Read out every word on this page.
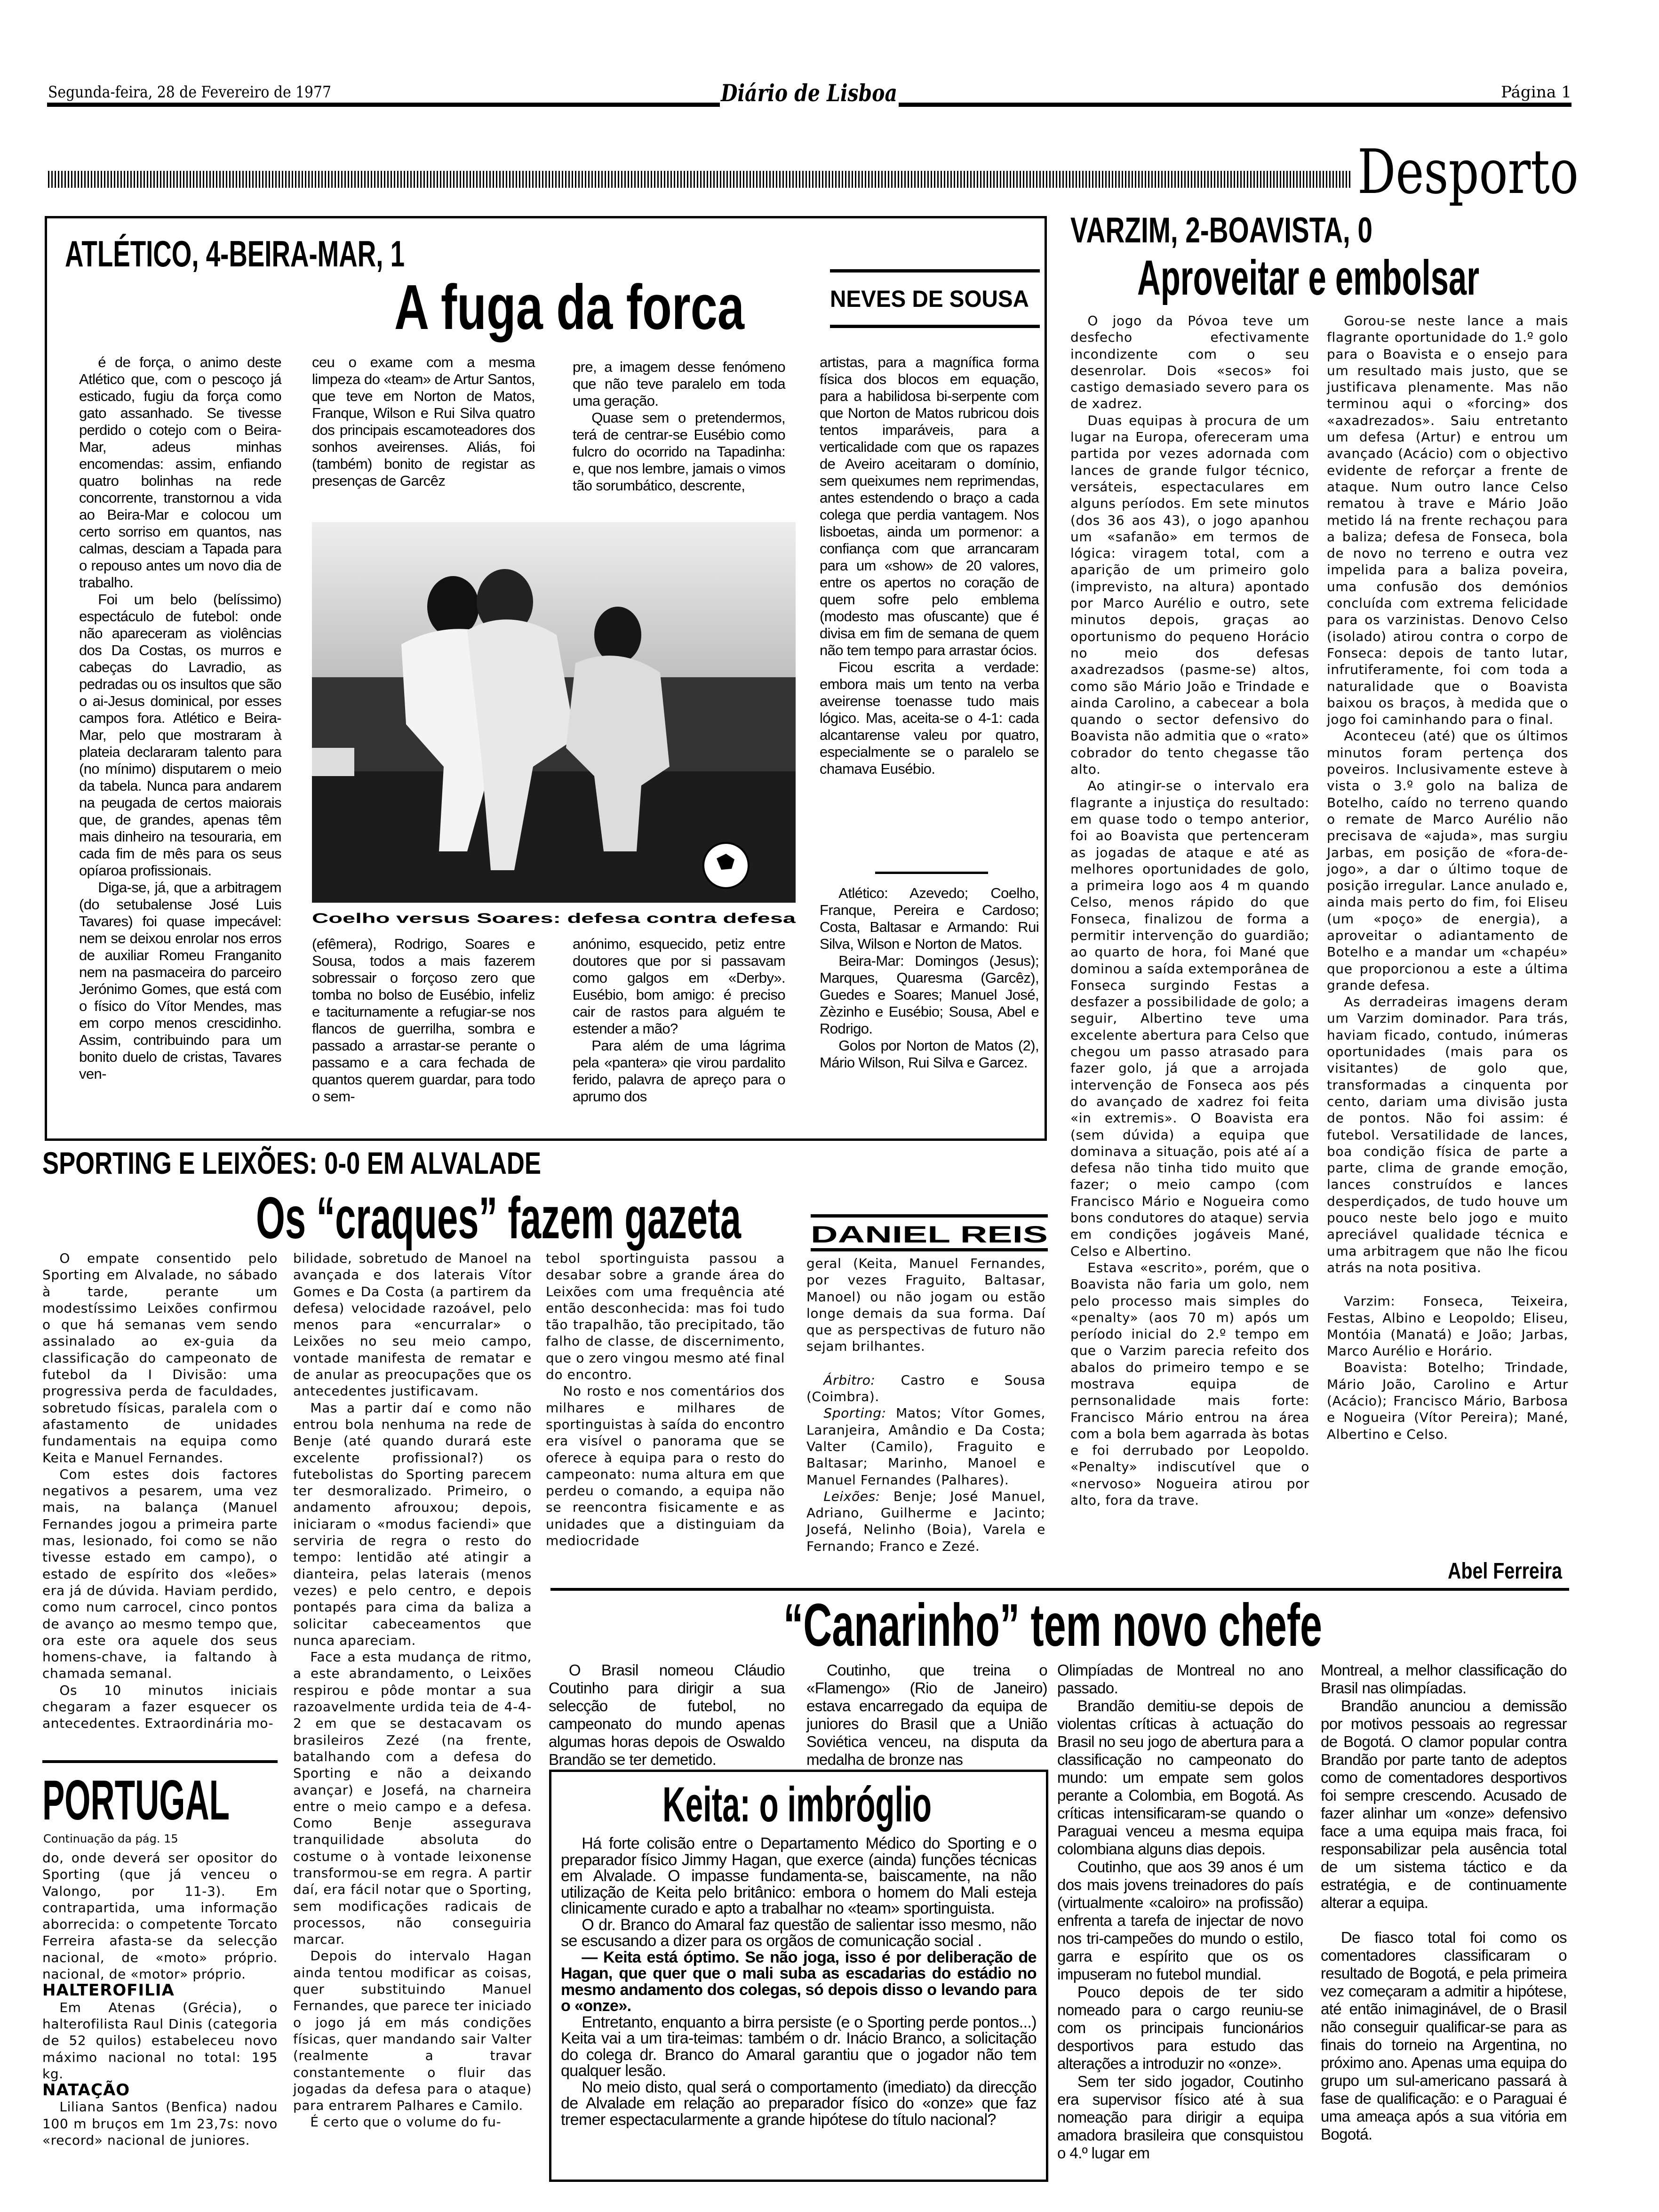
Segunda-feira, 28 de Fevereiro de 1977	Diário de Lisboa	Página 1
Desporto
ATLÉTICO, 4-BEIRA-MAR, 1
A fuga da forca	NEVES DE SOUSA

é de força, o animo deste Atlético que, com o pescoço já esticado, fugiu da força como gato assanhado. Se tivesse perdido o cotejo com o Beira-Mar, adeus minhas encomendas: assim, enfiando quatro bolinhas na rede concorrente, transtornou a vida ao Beira-Mar e colocou um certo sorriso em quantos, nas calmas, desciam a Tapada para o repouso antes um novo dia de trabalho.

Foi um belo (belíssimo) espectáculo de futebol: onde não apareceram as violências dos Da Costas, os murros e cabeças do Lavradio, as pedradas ou os insultos que são o ai-Jesus dominical, por esses campos fora. Atlético e Beira-Mar, pelo que mostraram à plateia declararam talento para (no mínimo) disputarem o meio da tabela. Nunca para andarem na peugada de certos maiorais que, de grandes, apenas têm mais dinheiro na tesouraria, em cada fim de mês para os seus opíaroa profissionais.

Diga-se, já, que a arbitragem (do setubalense José Luis Tavares) foi quase impecável: nem se deixou enrolar nos erros de auxiliar Romeu Franganito nem na pasmaceira do parceiro Jerónimo Gomes, que está com o físico do Vítor Mendes, mas em corpo menos crescidinho. Assim, contribuindo para um bonito duelo de cristas, Tavares ven-

ceu o exame com a mesma limpeza do «team» de Artur Santos, que teve em Norton de Matos, Franque, Wilson e Rui Silva quatro dos principais escamoteadores dos sonhos aveirenses. Aliás, foi (também) bonito de registar as presenças de Garcêz

pre, a imagem desse fenómeno que não teve paralelo em toda uma geração.

Quase sem o pretendermos, terá de centrar-se Eusébio como fulcro do ocorrido na Tapadinha: e, que nos lembre, jamais o vimos tão sorumbático, descrente,

Coelho versus Soares: defesa contra defesa

(efêmera), Rodrigo, Soares e Sousa, todos a mais fazerem sobressair o forçoso zero que tomba no bolso de Eusébio, infeliz e taciturnamente a refugiar-se nos flancos de guerrilha, sombra e passado a arrastar-se perante o passamo e a cara fechada de quantos querem guardar, para todo o sem-

anónimo, esquecido, petiz entre doutores que por si passavam como galgos em «Derby». Eusébio, bom amigo: é preciso cair de rastos para alguém te estender a mão?

Para além de uma lágrima pela «pantera» qie virou pardalito ferido, palavra de apreço para o aprumo dos

artistas, para a magnífica forma física dos blocos em equação, para a habilidosa bi-serpente com que Norton de Matos rubricou dois tentos imparáveis, para a verticalidade com que os rapazes de Aveiro aceitaram o domínio, sem queixumes nem reprimendas, antes estendendo o braço a cada colega que perdia vantagem. Nos lisboetas, ainda um pormenor: a confiança com que arrancaram para um «show» de 20 valores, entre os apertos no coração de quem sofre pelo emblema (modesto mas ofuscante) que é divisa em fim de semana de quem não tem tempo para arrastar ócios.

Ficou escrita a verdade: embora mais um tento na verba aveirense toenasse tudo mais lógico. Mas, aceita-se o 4-1: cada alcantarense valeu por quatro, especialmente se o paralelo se chamava Eusébio.

Atlético: Azevedo; Coelho, Franque, Pereira e Cardoso; Costa, Baltasar e Armando: Rui Silva, Wilson e Norton de Matos.

Beira-Mar: Domingos (Jesus); Marques, Quaresma (Garcêz), Guedes e Soares; Manuel José, Zèzinho e Eusébio; Sousa, Abel e Rodrigo.

Golos por Norton de Matos (2), Mário Wilson, Rui Silva e Garcez.

VARZIM, 2-BOAVISTA, 0
Aproveitar e embolsar

O jogo da Póvoa teve um desfecho efectivamente incondizente com o seu desenrolar. Dois «secos» foi castigo demasiado severo para os de xadrez.

Duas equipas à procura de um lugar na Europa, ofereceram uma partida por vezes adornada com lances de grande fulgor técnico, versáteis, espectaculares em alguns períodos. Em sete minutos (dos 36 aos 43), o jogo apanhou um «safanão» em termos de lógica: viragem total, com a aparição de um primeiro golo (imprevisto, na altura) apontado por Marco Aurélio e outro, sete minutos depois, graças ao oportunismo do pequeno Horácio no meio dos defesas axadrezadsos (pasme-se) altos, como são Mário João e Trindade e ainda Carolino, a cabecear a bola quando o sector defensivo do Boavista não admitia que o «rato» cobrador do tento chegasse tão alto.

Ao atingir-se o intervalo era flagrante a injustiça do resultado: em quase todo o tempo anterior, foi ao Boavista que pertenceram as jogadas de ataque e até as melhores oportunidades de golo, a primeira logo aos 4 m quando Celso, menos rápido do que Fonseca, finalizou de forma a permitir intervenção do guardião; ao quarto de hora, foi Mané que dominou a saída extemporânea de Fonseca surgindo Festas a desfazer a possibilidade de golo; a seguir, Albertino teve uma excelente abertura para Celso que chegou um passo atrasado para fazer golo, já que a arrojada intervenção de Fonseca aos pés do avançado de xadrez foi feita «in extremis». O Boavista era (sem dúvida) a equipa que dominava a situação, pois até aí a defesa não tinha tido muito que fazer; o meio campo (com Francisco Mário e Nogueira como bons condutores do ataque) servia em condições jogáveis Mané, Celso e Albertino.

Estava «escrito», porém, que o Boavista não faria um golo, nem pelo processo mais simples do «penalty» (aos 70 m) após um período inicial do 2.º tempo em que o Varzim parecia refeito dos abalos do primeiro tempo e se mostrava equipa de pernsonalidade mais forte: Francisco Mário entrou na área com a bola bem agarrada às botas e foi derrubado por Leopoldo. «Penalty» indiscutível que o «nervoso» Nogueira atirou por alto, fora da trave.

Gorou-se neste lance a mais flagrante oportunidade do 1.º golo para o Boavista e o ensejo para um resultado mais justo, que se justificava plenamente. Mas não terminou aqui o «forcing» dos «axadrezados». Saiu entretanto um defesa (Artur) e entrou um avançado (Acácio) com o objectivo evidente de reforçar a frente de ataque. Num outro lance Celso rematou à trave e Mário João metido lá na frente rechaçou para a baliza; defesa de Fonseca, bola de novo no terreno e outra vez impelida para a baliza poveira, uma confusão dos demónios concluída com extrema felicidade para os varzinistas. Denovo Celso (isolado) atirou contra o corpo de Fonseca: depois de tanto lutar, infrutiferamente, foi com toda a naturalidade que o Boavista baixou os braços, à medida que o jogo foi caminhando para o final.

Aconteceu (até) que os últimos minutos foram pertença dos poveiros. Inclusivamente esteve à vista o 3.º golo na baliza de Botelho, caído no terreno quando o remate de Marco Aurélio não precisava de «ajuda», mas surgiu Jarbas, em posição de «fora-de-jogo», a dar o último toque de posição irregular. Lance anulado e, ainda mais perto do fim, foi Eliseu (um «poço» de energia), a aproveitar o adiantamento de Botelho e a mandar um «chapéu» que proporcionou a este a última grande defesa.

As derradeiras imagens deram um Varzim dominador. Para trás, haviam ficado, contudo, inúmeras oportunidades (mais para os visitantes) de golo que, transformadas a cinquenta por cento, dariam uma divisão justa de pontos. Não foi assim: é futebol. Versatilidade de lances, boa condição física de parte a parte, clima de grande emoção, lances construídos e lances desperdiçados, de tudo houve um pouco neste belo jogo e muito apreciável qualidade técnica e uma arbitragem que não lhe ficou atrás na nota positiva.

Varzim: Fonseca, Teixeira, Festas, Albino e Leopoldo; Eliseu, Montóia (Manatá) e João; Jarbas, Marco Aurélio e Horário.

Boavista: Botelho; Trindade, Mário João, Carolino e Artur (Acácio); Francisco Mário, Barbosa e Nogueira (Vítor Pereira); Mané, Albertino e Celso.

Abel Ferreira
SPORTING E LEIXÕES: 0-0 EM ALVALADE
Os “craques” fazem gazeta	DANIEL REIS

O empate consentido pelo Sporting em Alvalade, no sábado à tarde, perante um modestíssimo Leixões confirmou o que há semanas vem sendo assinalado ao ex-guia da classificação do campeonato de futebol da I Divisão: uma progressiva perda de faculdades, sobretudo físicas, paralela com o afastamento de unidades fundamentais na equipa como Keita e Manuel Fernandes.

Com estes dois factores negativos a pesarem, uma vez mais, na balança (Manuel Fernandes jogou a primeira parte mas, lesionado, foi como se não tivesse estado em campo), o estado de espírito dos «leões» era já de dúvida. Haviam perdido, como num carrocel, cinco pontos de avanço ao mesmo tempo que, ora este ora aquele dos seus homens-chave, ia faltando à chamada semanal.

Os 10 minutos iniciais chegaram a fazer esquecer os antecedentes. Extraordinária mo-

bilidade, sobretudo de Manoel na avançada e dos laterais Vítor Gomes e Da Costa (a partirem da defesa) velocidade razoável, pelo menos para «encurralar» o Leixões no seu meio campo, vontade manifesta de rematar e de anular as preocupações que os antecedentes justificavam.

Mas a partir daí e como não entrou bola nenhuma na rede de Benje (até quando durará este excelente profissional?) os futebolistas do Sporting parecem ter desmoralizado. Primeiro, o andamento afrouxou; depois, iniciaram o «modus faciendi» que serviria de regra o resto do tempo: lentidão até atingir a dianteira, pelas laterais (menos vezes) e pelo centro, e depois pontapés para cima da baliza a solicitar cabeceamentos que nunca apareciam.

Face a esta mudança de ritmo, a este abrandamento, o Leixões respirou e pôde montar a sua razoavelmente urdida teia de 4-4-2 em que se destacavam os brasileiros Zezé (na frente, batalhando com a defesa do Sporting e não a deixando avançar) e Josefá, na charneira entre o meio campo e a defesa. Como Benje assegurava tranquilidade absoluta do costume o à vontade leixonense transformou-se em regra. A partir daí, era fácil notar que o Sporting, sem modificações radicais de processos, não conseguiria marcar.

Depois do intervalo Hagan ainda tentou modificar as coisas, quer substituindo Manuel Fernandes, que parece ter iniciado o jogo já em más condições físicas, quer mandando sair Valter (realmente a travar constantemente o fluir das jogadas da defesa para o ataque) para entrarem Palhares e Camilo.

É certo que o volume do fu-

tebol sportinguista passou a desabar sobre a grande área do Leixões com uma frequência até então desconhecida: mas foi tudo tão trapalhão, tão precipitado, tão falho de classe, de discernimento, que o zero vingou mesmo até final do encontro.

No rosto e nos comentários dos milhares e milhares de sportinguistas à saída do encontro era visível o panorama que se oferece à equipa para o resto do campeonato: numa altura em que perdeu o comando, a equipa não se reencontra fisicamente e as unidades que a distinguiam da mediocridade

geral (Keita, Manuel Fernandes, por vezes Fraguito, Baltasar, Manoel) ou não jogam ou estão longe demais da sua forma. Daí que as perspectivas de futuro não sejam brilhantes.

Árbitro: Castro e Sousa (Coimbra).

Sporting: Matos; Vítor Gomes, Laranjeira, Amândio e Da Costa; Valter (Camilo), Fraguito e Baltasar; Marinho, Manoel e Manuel Fernandes (Palhares).

Leixões: Benje; José Manuel, Adriano, Guilherme e Jacinto; Josefá, Nelinho (Boia), Varela e Fernando; Franco e Zezé.

“Canarinho” tem novo chefe

O Brasil nomeou Cláudio Coutinho para dirigir a sua selecção de futebol, no campeonato do mundo apenas algumas horas depois de Oswaldo Brandão se ter demetido.

Coutinho, que treina o «Flamengo» (Rio de Janeiro) estava encarregado da equipa de juniores do Brasil que a União Soviética venceu, na disputa da medalha de bronze nas

Olimpíadas de Montreal no ano passado.

Brandão demitiu-se depois de violentas críticas à actuação do Brasil no seu jogo de abertura para a classificação no campeonato do mundo: um empate sem golos perante a Colombia, em Bogotá. As críticas intensificaram-se quando o Paraguai venceu a mesma equipa colombiana alguns dias depois.

Coutinho, que aos 39 anos é um dos mais jovens treinadores do país (virtualmente «caloiro» na profissão) enfrenta a tarefa de injectar de novo nos tri-campeões do mundo o estilo, garra e espírito que os os impuseram no futebol mundial.

Pouco depois de ter sido nomeado para o cargo reuniu-se com os principais funcionários desportivos para estudo das alterações a introduzir no «onze».

Sem ter sido jogador, Coutinho era supervisor físico até à sua nomeação para dirigir a equipa amadora brasileira que consquistou o 4.º lugar em

Montreal, a melhor classificação do Brasil nas olimpíadas.

Brandão anunciou a demissão por motivos pessoais ao regressar de Bogotá. O clamor popular contra Brandão por parte tanto de adeptos como de comentadores desportivos foi sempre crescendo. Acusado de fazer alinhar um «onze» defensivo face a uma equipa mais fraca, foi responsabilizar pela ausência total de um sistema táctico e da estratégia, e de continuamente alterar a equipa.

De fiasco total foi como os comentadores classificaram o resultado de Bogotá, e pela primeira vez começaram a admitir a hipótese, até então inimaginável, de o Brasil não conseguir qualificar-se para as finais do torneio na Argentina, no próximo ano. Apenas uma equipa do grupo um sul-americano passará à fase de qualificação: e o Paraguai é uma ameaça após a sua vitória em Bogotá.

Keita: o imbróglio

Há forte colisão entre o Departamento Médico do Sporting e o preparador físico Jimmy Hagan, que exerce (ainda) funções técnicas em Alvalade. O impasse fundamenta-se, baiscamente, na não utilização de Keita pelo britânico: embora o homem do Mali esteja clinicamente curado e apto a trabalhar no «team» sportinguista.

O dr. Branco do Amaral faz questão de salientar isso mesmo, não se escusando a dizer para os orgãos de comunicação social .

— Keita está óptimo. Se não joga, isso é por deliberação de Hagan, que quer que o mali suba as escadarias do estádio no mesmo andamento dos colegas, só depois disso o levando para o «onze».

Entretanto, enquanto a birra persiste (e o Sporting perde pontos...) Keita vai a um tira-teimas: também o dr. Inácio Branco, a solicitação do colega dr. Branco do Amaral garantiu que o jogador não tem qualquer lesão.

No meio disto, qual será o comportamento (imediato) da direcção de Alvalade em relação ao preparador físico do «onze» que faz tremer espectacularmente a grande hipótese do título nacional?

PORTUGAL
Continuação da pág. 15

do, onde deverá ser opositor do Sporting (que já venceu o Valongo, por 11-3). Em contrapartida, uma informação aborrecida: o competente Torcato Ferreira afasta-se da selecção nacional, de «moto» próprio. nacional, de «motor» próprio.

HALTEROFILIA

Em Atenas (Grécia), o halterofilista Raul Dinis (categoria de 52 quilos) estabeleceu novo máximo nacional no total: 195 kg.

NATAÇÃO

Liliana Santos (Benfica) nadou 100 m bruços em 1m 23,7s: novo «record» nacional de juniores.
